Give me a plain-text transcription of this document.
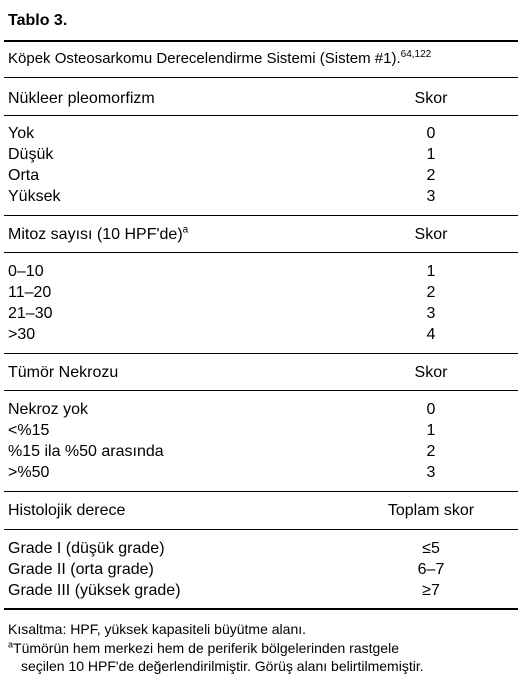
Tablo 3.
Köpek Osteosarkomu Derecelendirme Sistemi (Sistem #1).$^{64,122}$
Nükleer pleomorfizm	Skor
Yok	0
Düşük	1
Orta	2
Yüksek	3
Mitoz sayısı (10 HPF'de)$^a$	Skor
0–10	1
11–20	2
21–30	3
>30	4
Tümör Nekrozu	Skor
Nekroz yok	0
<%15	1
%15 ila %50 arasında	2
>%50	3
Histolojik derece	Toplam skor
Grade I (düşük grade)	≤5
Grade II (orta grade)	6–7
Grade III (yüksek grade)	≥7
Kısaltma: HPF, yüksek kapasiteli büyütme alanı.
$^a$Tümörün hem merkezi hem de periferik bölgelerinden rastgele
seçilen 10 HPF'de değerlendirilmiştir. Görüş alanı belirtilmemiştir.
